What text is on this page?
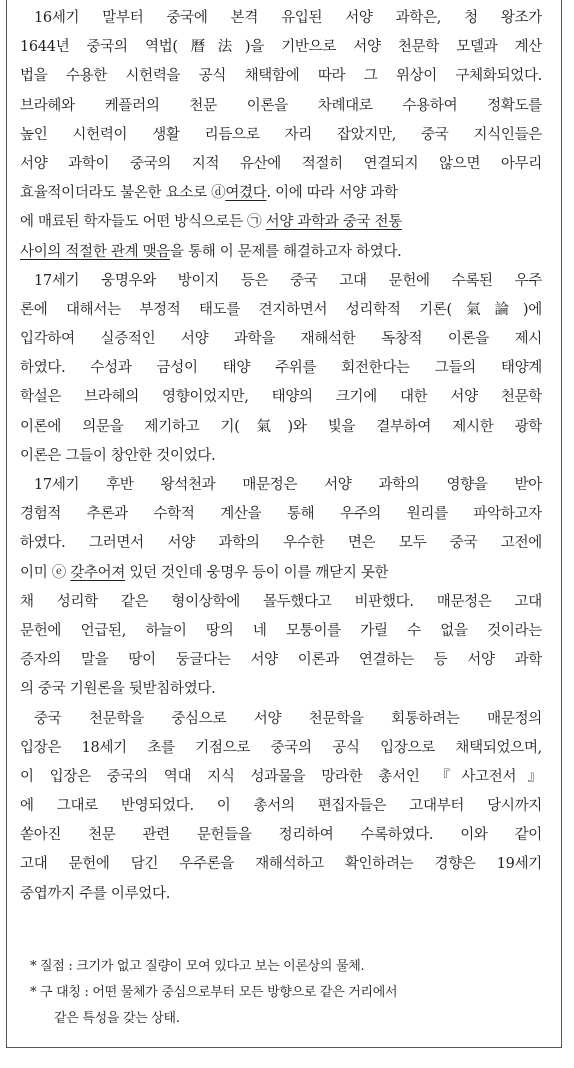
16세기 말부터 중국에 본격 유입된 서양 과학은, 청 왕조가
1644년 중국의 역법(曆法)을 기반으로 서양 천문학 모델과 계산
법을 수용한 시헌력을 공식 채택함에 따라 그 위상이 구체화되었다.
브라헤와 케플러의 천문 이론을 차례대로 수용하여 정확도를
높인 시헌력이 생활 리듬으로 자리 잡았지만, 중국 지식인들은
서양 과학이 중국의 지적 유산에 적절히 연결되지 않으면 아무리
효율적이더라도 불온한 요소로 ⓓ여겼다. 이에 따라 서양 과학
에 매료된 학자들도 어떤 방식으로든 ㉠ 서양 과학과 중국 전통
사이의 적절한 관계 맺음을 통해 이 문제를 해결하고자 하였다.
17세기 웅명우와 방이지 등은 중국 고대 문헌에 수록된 우주
론에 대해서는 부정적 태도를 견지하면서 성리학적 기론(氣論)에
입각하여 실증적인 서양 과학을 재해석한 독창적 이론을 제시
하였다. 수성과 금성이 태양 주위를 회전한다는 그들의 태양계
학설은 브라헤의 영향이었지만, 태양의 크기에 대한 서양 천문학
이론에 의문을 제기하고 기(氣)와 빛을 결부하여 제시한 광학
이론은 그들이 창안한 것이었다.
17세기 후반 왕석천과 매문정은 서양 과학의 영향을 받아
경험적 추론과 수학적 계산을 통해 우주의 원리를 파악하고자
하였다. 그러면서 서양 과학의 우수한 면은 모두 중국 고전에
이미 ⓔ 갖추어져 있던 것인데 웅명우 등이 이를 깨닫지 못한
채 성리학 같은 형이상학에 몰두했다고 비판했다. 매문정은 고대
문헌에 언급된, 하늘이 땅의 네 모퉁이를 가릴 수 없을 것이라는
증자의 말을 땅이 둥글다는 서양 이론과 연결하는 등 서양 과학
의 중국 기원론을 뒷받침하였다.
중국 천문학을 중심으로 서양 천문학을 회통하려는 매문정의
입장은 18세기 초를 기점으로 중국의 공식 입장으로 채택되었으며,
이 입장은 중국의 역대 지식 성과물을 망라한 총서인 『사고전서』
에 그대로 반영되었다. 이 총서의 편집자들은 고대부터 당시까지
쏟아진 천문 관련 문헌들을 정리하여 수록하였다. 이와 같이
고대 문헌에 담긴 우주론을 재해석하고 확인하려는 경향은 19세기
중엽까지 주를 이루었다.
* 질점 : 크기가 없고 질량이 모여 있다고 보는 이론상의 물체.
* 구 대칭 : 어떤 물체가 중심으로부터 모든 방향으로 같은 거리에서
같은 특성을 갖는 상태.
